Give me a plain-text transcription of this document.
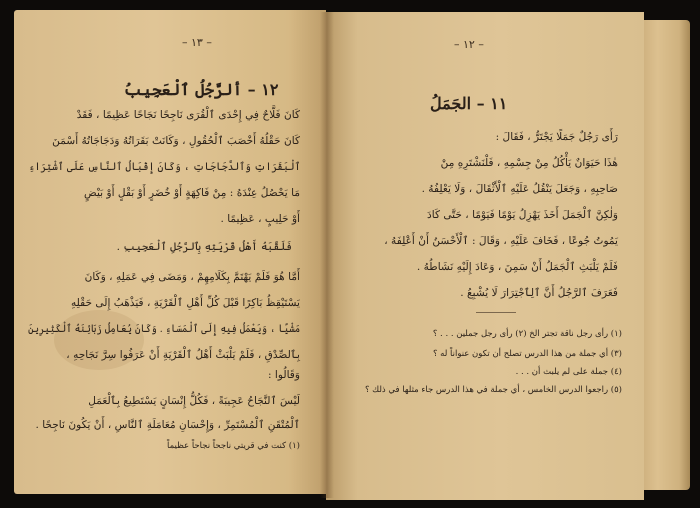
– ١٣ –
١٢ – ألرَّجُلُ ٱلْعَجِيبُ
كَانَ فَلَّاحٌ فِي إِحْدَى ٱلْقُرَى نَاجِحًا نَجَاحًا عَظِيمًا ، فَقَدْ
كَانَ حَقْلُهُ أَخْصَبَ ٱلْحُقُولِ ، وَكَانَتْ بَقَرَاتُهُ وَدَجَاجَاتُهُ أَسْمَنَ
ٱلْبَقَرَاتِ وَٱلدَّجَاجَاتِ ، وَكَانَ إِقْبَالُ ٱلنَّاسِ عَلَى ٱشْتِرَاءِ
مَا يَحْصُلُ عِنْدَهُ : مِنْ فَاكِهَةٍ أَوْ خُضَرٍ أَوْ بَقْلٍ أَوْ بَيْضٍ
أَوْ حَلِيبٍ ، عَظِيمًا .
فَلَقَّبَهُ أَهْلُ قَرْيَتِهِ بِٱلرَّجُلِ ٱلْعَجِيبِ .
أَمَّا هُوَ فَلَمْ يَهْتَمَّ بِكَلَامِهِمْ ، وَمَضَى فِي عَمَلِهِ ، وَكَانَ
يَسْتَيْقِظُ بَاكِرًا قَبْلَ كُلِّ أَهْلِ ٱلْقَرْيَةِ ، فَيَذْهَبُ إِلَى حَقْلِهِ
مَشْيًا ، وَيَعْمَلُ فِيهِ إِلَى ٱلْمَسَاءِ . وَكَانَ يُعَامِلُ زَبَائِنَهُ ٱلْكَثِيرِينَ
بِٱلصِّدْقِ ، فَلَمْ يَلْبَثْ أَهْلُ ٱلْقَرْيَةِ أَنْ عَرَفُوا سِرَّ نَجَاحِهِ ،
وَقَالُوا :
لَيْسَ ٱلنَّجَاحُ عَجِيبَةً ، فَكُلُّ إِنْسَانٍ يَسْتَطِيعُ بِٱلْعَمَلِ
ٱلْمُتْقَنِ ٱلْمُسْتَمِرِّ ، وَإِحْسَانِ مُعَامَلَةِ ٱلنَّاسِ ، أَنْ يَكُونَ نَاجِحًا .
(١) كنت في قريتي ناجحاً نجاحاً عظيماً
– ١٢ –
١١ – الجَمَلُ
رَأَى رَجُلٌ جَمَلًا يَجْتَرُّ ، فَقَالَ :
هٰذَا حَيَوَانٌ يَأْكُلُ مِنْ جِسْمِهِ ، فَلْنَشْتَرِهِ مِنْ
صَاحِبِهِ ، وَجَعَلَ يَنْقُلُ عَلَيْهِ ٱلْأَثْقَالَ ، وَلَا يَعْلِفُهُ .
وَلٰكِنَّ ٱلْجَمَلَ أَخَذَ يَهْزِلُ يَوْمًا فَيَوْمًا ، حَتَّى كَادَ
يَمُوتُ جُوعًا ، فَخَافَ عَلَيْهِ ، وَقَالَ : ٱلْأَحْسَنُ أَنْ أَعْلِفَهُ ،
فَلَمْ يَلْبَثِ ٱلْجَمَلُ أَنْ سَمِنَ ، وَعَادَ إِلَيْهِ نَشَاطُهُ .
فَعَرَفَ ٱلرَّجُلُ أَنَّ ٱلِٱجْتِرَارَ لَا يُشْبِعُ .
(١) رأى رجل ناقة تجتر الخ (٢) رأى رجل جملين . . . ؟
(٣) أي جملة من هذا الدرس تصلح أن تكون عنواناً له ؟
(٤) جملة على لم يلبث أن . . .
(٥) راجعوا الدرس الخامس ، أي جملة في هذا الدرس جاء مثلها في ذلك ؟
